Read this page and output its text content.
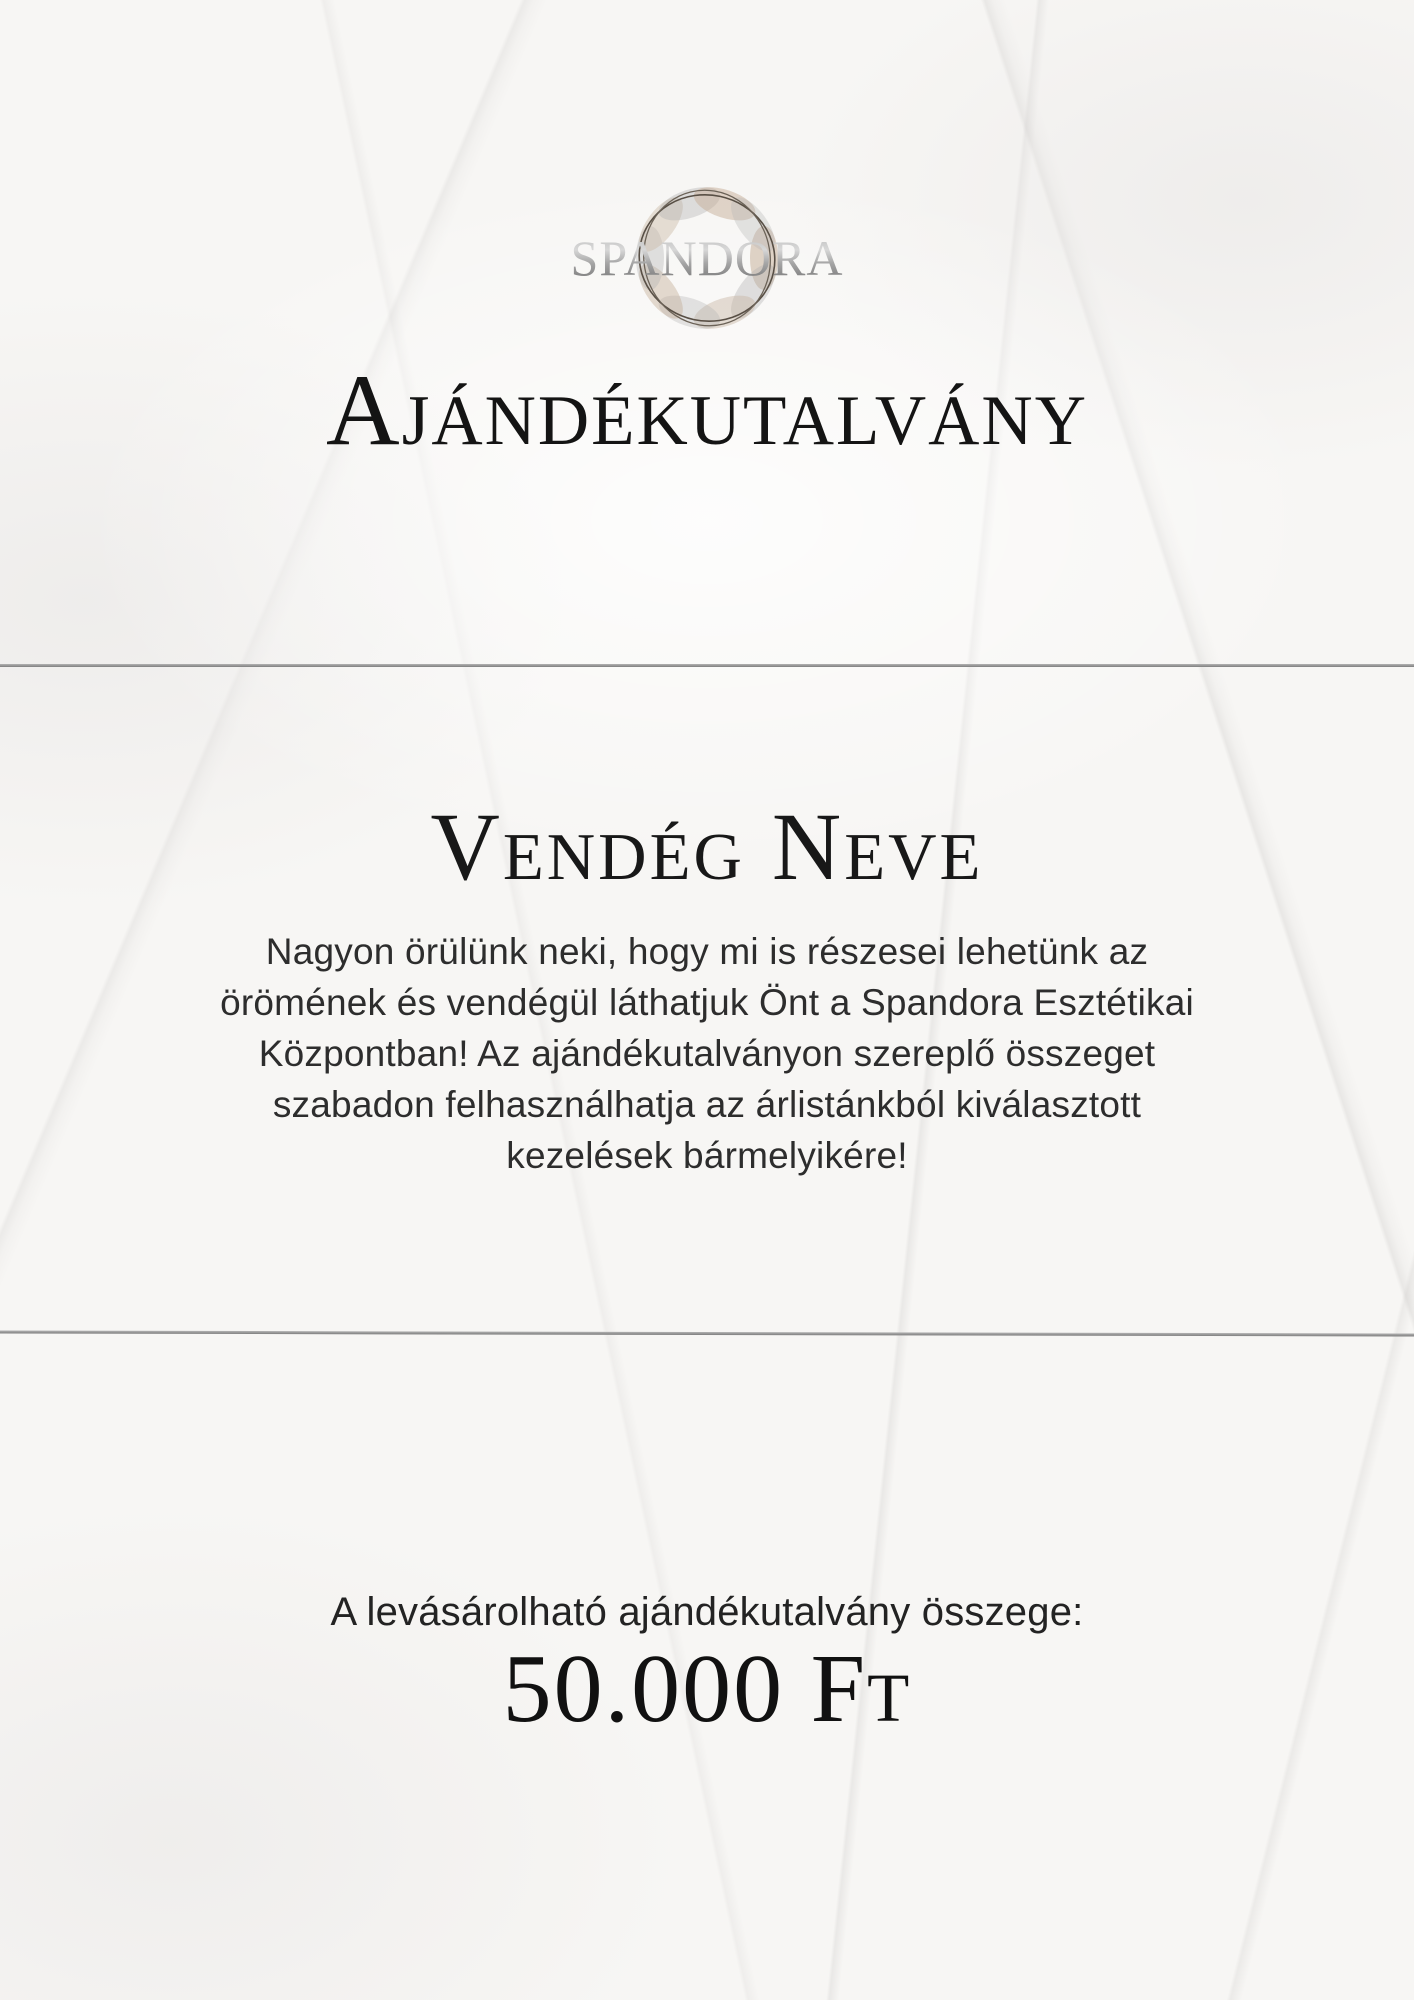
SPANDORA
Ajándékutalvány
Vendég Neve
Nagyon örülünk neki, hogy mi is részesei lehetünk az
örömének és vendégül láthatjuk Önt a Spandora Esztétikai
Központban! Az ajándékutalványon szereplő összeget
szabadon felhasználhatja az árlistánkból kiválasztott
kezelések bármelyikére!

A levásárolható ajándékutalvány összege:

50.000 Ft
